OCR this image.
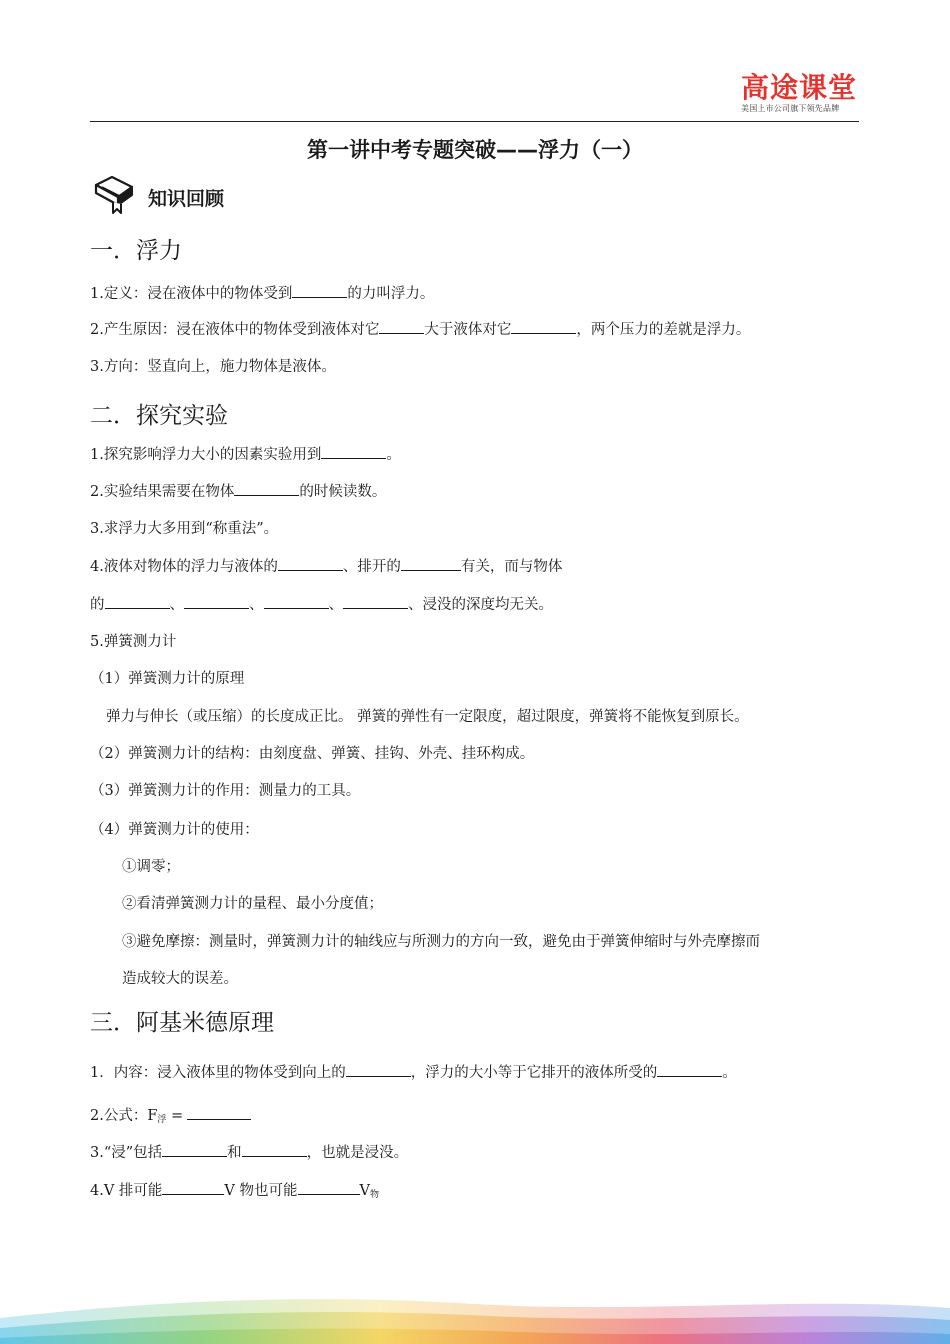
高途课堂
美国上市公司旗下领先品牌
第一讲中考专题突破——浮力（一）
知识回顾
一．浮力
1.定义：浸在液体中的物体受到	的力叫浮力。
2.产生原因：浸在液体中的物体受到液体对它	大于液体对它	，两个压力的差就是浮力。
3.方向：竖直向上，施力物体是液体。
二．探究实验
1.探究影响浮力大小的因素实验用到	。
2.实验结果需要在物体	的时候读数。
3.求浮力大多用到“称重法”。
4.液体对物体的浮力与液体的	、排开的	有关，而与物体
的	、	、	、	、浸没的深度均无关。
5.弹簧测力计
（1）弹簧测力计的原理
弹力与伸长（或压缩）的长度成正比。 弹簧的弹性有一定限度，超过限度，弹簧将不能恢复到原长。
（2）弹簧测力计的结构：由刻度盘、弹簧、挂钩、外壳、挂环构成。
（3）弹簧测力计的作用：测量力的工具。
（4）弹簧测力计的使用：
①调零；
②看清弹簧测力计的量程、最小分度值；
③避免摩擦：测量时，弹簧测力计的轴线应与所测力的方向一致，避免由于弹簧伸缩时与外壳摩擦而
造成较大的误差。
三．阿基米德原理
1．内容：浸入液体里的物体受到向上的	，浮力的大小等于它排开的液体所受的	。
2.公式：$F_浮$ =
3.“浸”包括	和	，也就是浸没。
4.V 排可能	V 物也可能	$V_物$
